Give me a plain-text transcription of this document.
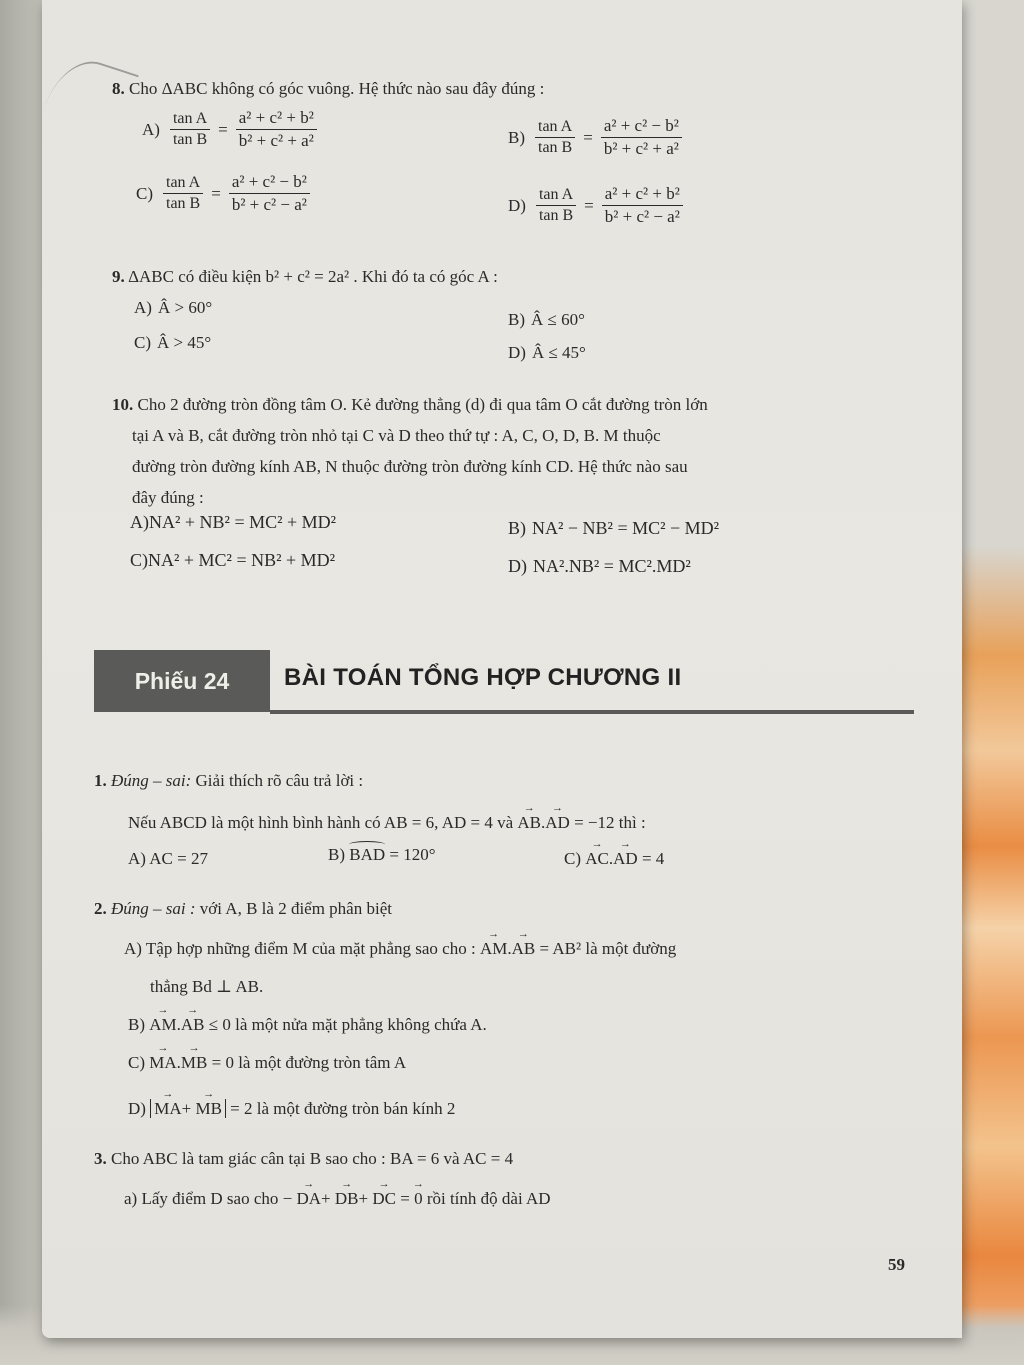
8. Cho ΔABC không có góc vuông. Hệ thức nào sau đây đúng :
$A) \frac{\text{tan A}}{\text{tan B}} = \frac{\text{a² + c² + b²}}{\text{b² + c² + a²}}$	$B) \frac{\text{tan A}}{\text{tan B}} = \frac{\text{a² + c² − b²}}{\text{b² + c² + a²}}$
$C) \frac{\text{tan A}}{\text{tan B}} = \frac{\text{a² + c² − b²}}{\text{b² + c² − a²}}$	$D) \frac{\text{tan A}}{\text{tan B}} = \frac{\text{a² + c² + b²}}{\text{b² + c² − a²}}$
9. ΔABC có điều kiện b² + c² = 2a² . Khi đó ta có góc A :
A) Â > 60°
B) Â ≤ 60°
C) Â > 45°
D) Â ≤ 45°
10. Cho 2 đường tròn đồng tâm O. Kẻ đường thẳng (d) đi qua tâm O cắt đường tròn lớn
tại A và B, cắt đường tròn nhỏ tại C và D theo thứ tự : A, C, O, D, B. M thuộc
đường tròn đường kính AB, N thuộc đường tròn đường kính CD. Hệ thức nào sau
đây đúng :
A) NA² + NB² = MC² + MD²	B) NA² − NB² = MC² − MD²
C) NA² + MC² = NB² + MD²	D) NA².NB² = MC².MD²
Phiếu 24	BÀI TOÁN TỔNG HỢP CHƯƠNG II
1. Đúng – sai: Giải thích rõ câu trả lời :
Nếu ABCD là một hình bình hành có AB = 6, AD = 4 và → AB.→ AD = −12 thì :
A) AC = 27	B) BAD = 120°	C) → AC.→ AD = 4
2. Đúng – sai : với A, B là 2 điểm phân biệt
A) Tập hợp những điểm M của mặt phẳng sao cho : → AM.→ AB = AB² là một đường
thẳng Bd ⊥ AB.
B) → AM.→ AB ≤ 0 là một nửa mặt phẳng không chứa A.
C) → MA.→ MB = 0 là một đường tròn tâm A
D) → MA+ → MB = 2 là một đường tròn bán kính 2
3. Cho ABC là tam giác cân tại B sao cho : BA = 6 và AC = 4
a) Lấy điểm D sao cho − → DA+ → DB+ → DC = → 0 rồi tính độ dài AD
59
